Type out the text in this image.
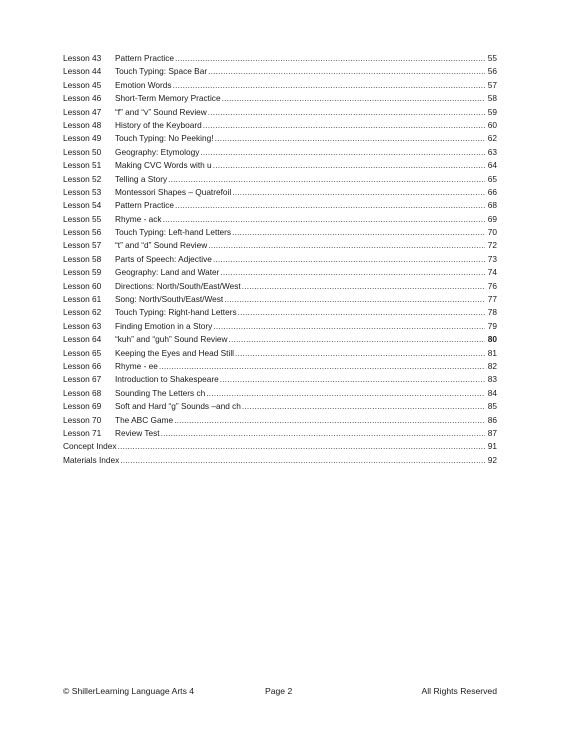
Lesson 43	Pattern Practice .....	55
Lesson 44	Touch Typing: Space Bar .....	56
Lesson 45	Emotion Words .....	57
Lesson 46	Short-Term Memory Practice .....	58
Lesson 47	“f” and “v” Sound Review .....	59
Lesson 48	History of the Keyboard .....	60
Lesson 49	Touch Typing: No Peeking! .....	62
Lesson 50	Geography: Etymology .....	63
Lesson 51	Making CVC Words with u .....	64
Lesson 52	Telling a Story .....	65
Lesson 53	Montessori Shapes – Quatrefoil .....	66
Lesson 54	Pattern Practice .....	68
Lesson 55	Rhyme - ack .....	69
Lesson 56	Touch Typing: Left-hand Letters .....	70
Lesson 57	“t” and “d” Sound Review .....	72
Lesson 58	Parts of Speech: Adjective .....	73
Lesson 59	Geography: Land and Water .....	74
Lesson 60	Directions: North/South/East/West .....	76
Lesson 61	Song: North/South/East/West .....	77
Lesson 62	Touch Typing: Right-hand Letters .....	78
Lesson 63	Finding Emotion in a Story .....	79
Lesson 64	“kuh” and “guh” Sound Review .....	80
Lesson 65	Keeping the Eyes and Head Still .....	81
Lesson 66	Rhyme - ee .....	82
Lesson 67	Introduction to Shakespeare .....	83
Lesson 68	Sounding The Letters ch .....	84
Lesson 69	Soft and Hard “g” Sounds –and ch .....	85
Lesson 70	The ABC Game .....	86
Lesson 71	Review Test .....	87
Concept Index .....	91
Materials Index .....	92
© ShillerLearning Language Arts 4	Page 2	All Rights Reserved
